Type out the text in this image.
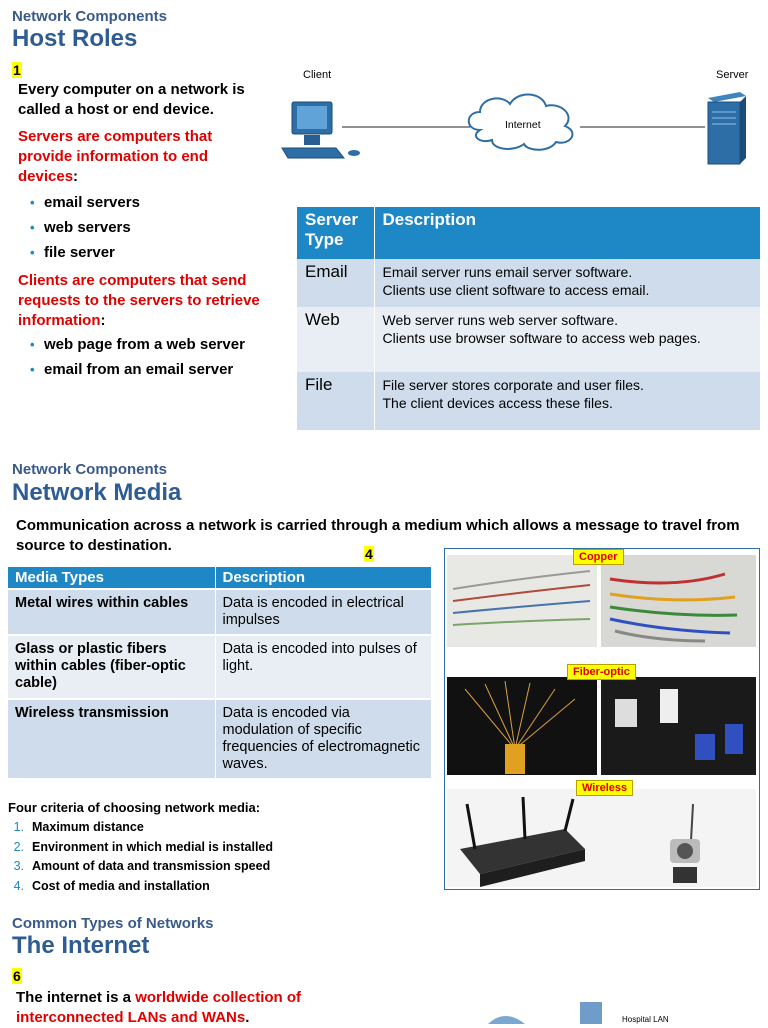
Network Components
Host Roles
1
Every computer on a network is called a host or end device.
Servers are computers that provide information to end devices:
• email servers
• web servers
• file server
Clients are computers that send requests to the servers to retrieve information:
• web page from a web server
• email from an email server
Client	Server
Internet
Server Type	Description
Email	Email server runs email server software.
Clients use client software to access email.

Web	Web server runs web server software.
Clients use browser software to access web pages.

File	File server stores corporate and user files.
The client devices access these files.
Network Components
Network Media
Communication across a network is carried through a medium which allows a message to travel from source to destination.	4
Media Types	Description
Metal wires within cables	Data is encoded in electrical impulses
Glass or plastic fibers within cables (fiber-optic cable)	Data is encoded into pulses of light.
Wireless transmission	Data is encoded via modulation of specific frequencies of electromagnetic waves.
Four criteria of choosing network media:
1. Maximum distance
2. Environment in which medial is installed
3. Amount of data and transmission speed
4. Cost of media and installation
Copper
Fiber-optic
Wireless
Common Types of Networks
The Internet
6
The internet is a worldwide collection of interconnected LANs and WANs.	Hospital LAN
